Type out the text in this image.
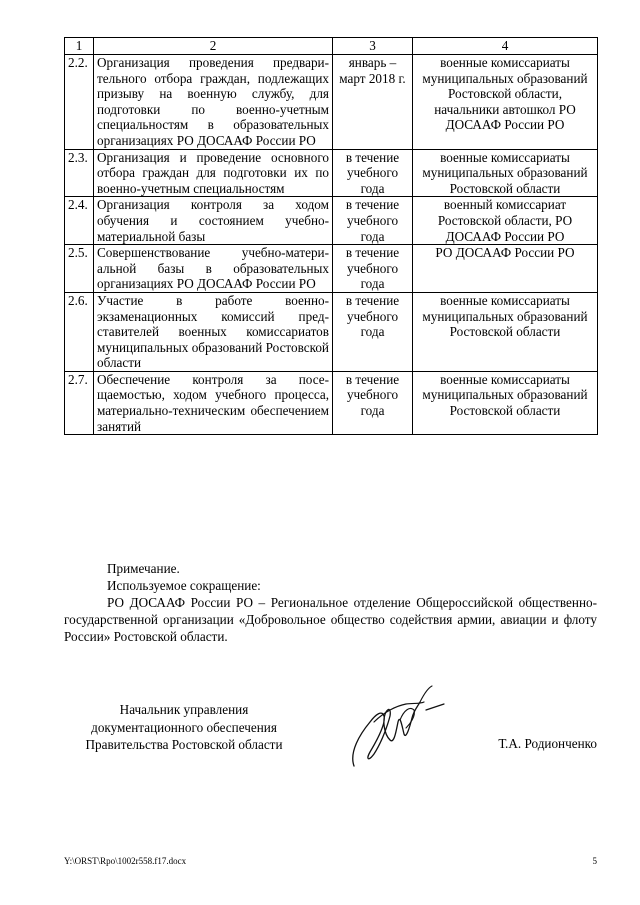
1	2	3	4
2.2.	Организация проведения предварительного отбора граждан, подлежащих призыву на военную службу, для подготовки по военно-учетным специальностям в образовательных организациях РО ДОСААФ России РО	январь – март 2018 г.	военные комиссариаты муниципальных образований Ростовской области, начальники автошкол РО ДОСААФ России РО
2.3.	Организация и проведение основного отбора граждан для подготовки их по военно-учетным специальностям	в течение учебного года	военные комиссариаты муниципальных образований Ростовской области
2.4.	Организация контроля за ходом обучения и состоянием учебно-материальной базы	в течение учебного года	военный комиссариат Ростовской области, РО ДОСААФ России РО
2.5.	Совершенствование учебно-материальной базы в образовательных организациях РО ДОСААФ России РО	в течение учебного года	РО ДОСААФ России РО
2.6.	Участие в работе военно-экзаменационных комиссий представителей военных комиссариатов муниципальных образований Ростовской области	в течение учебного года	военные комиссариаты муниципальных образований Ростовской области
2.7.	Обеспечение контроля за посещаемостью, ходом учебного процесса, материально-техническим обеспечением занятий	в течение учебного года	военные комиссариаты муниципальных образований Ростовской области
Примечание.
Используемое сокращение:
РО ДОСААФ России РО – Региональное отделение Общероссийской общественно-государственной организации «Добровольное общество содействия армии, авиации и флоту России» Ростовской области.
Начальник управления
документационного обеспечения
Правительства Ростовской области	Т.А. Родионченко
Y:\ORST\Rpo\1002r558.f17.docx	5
